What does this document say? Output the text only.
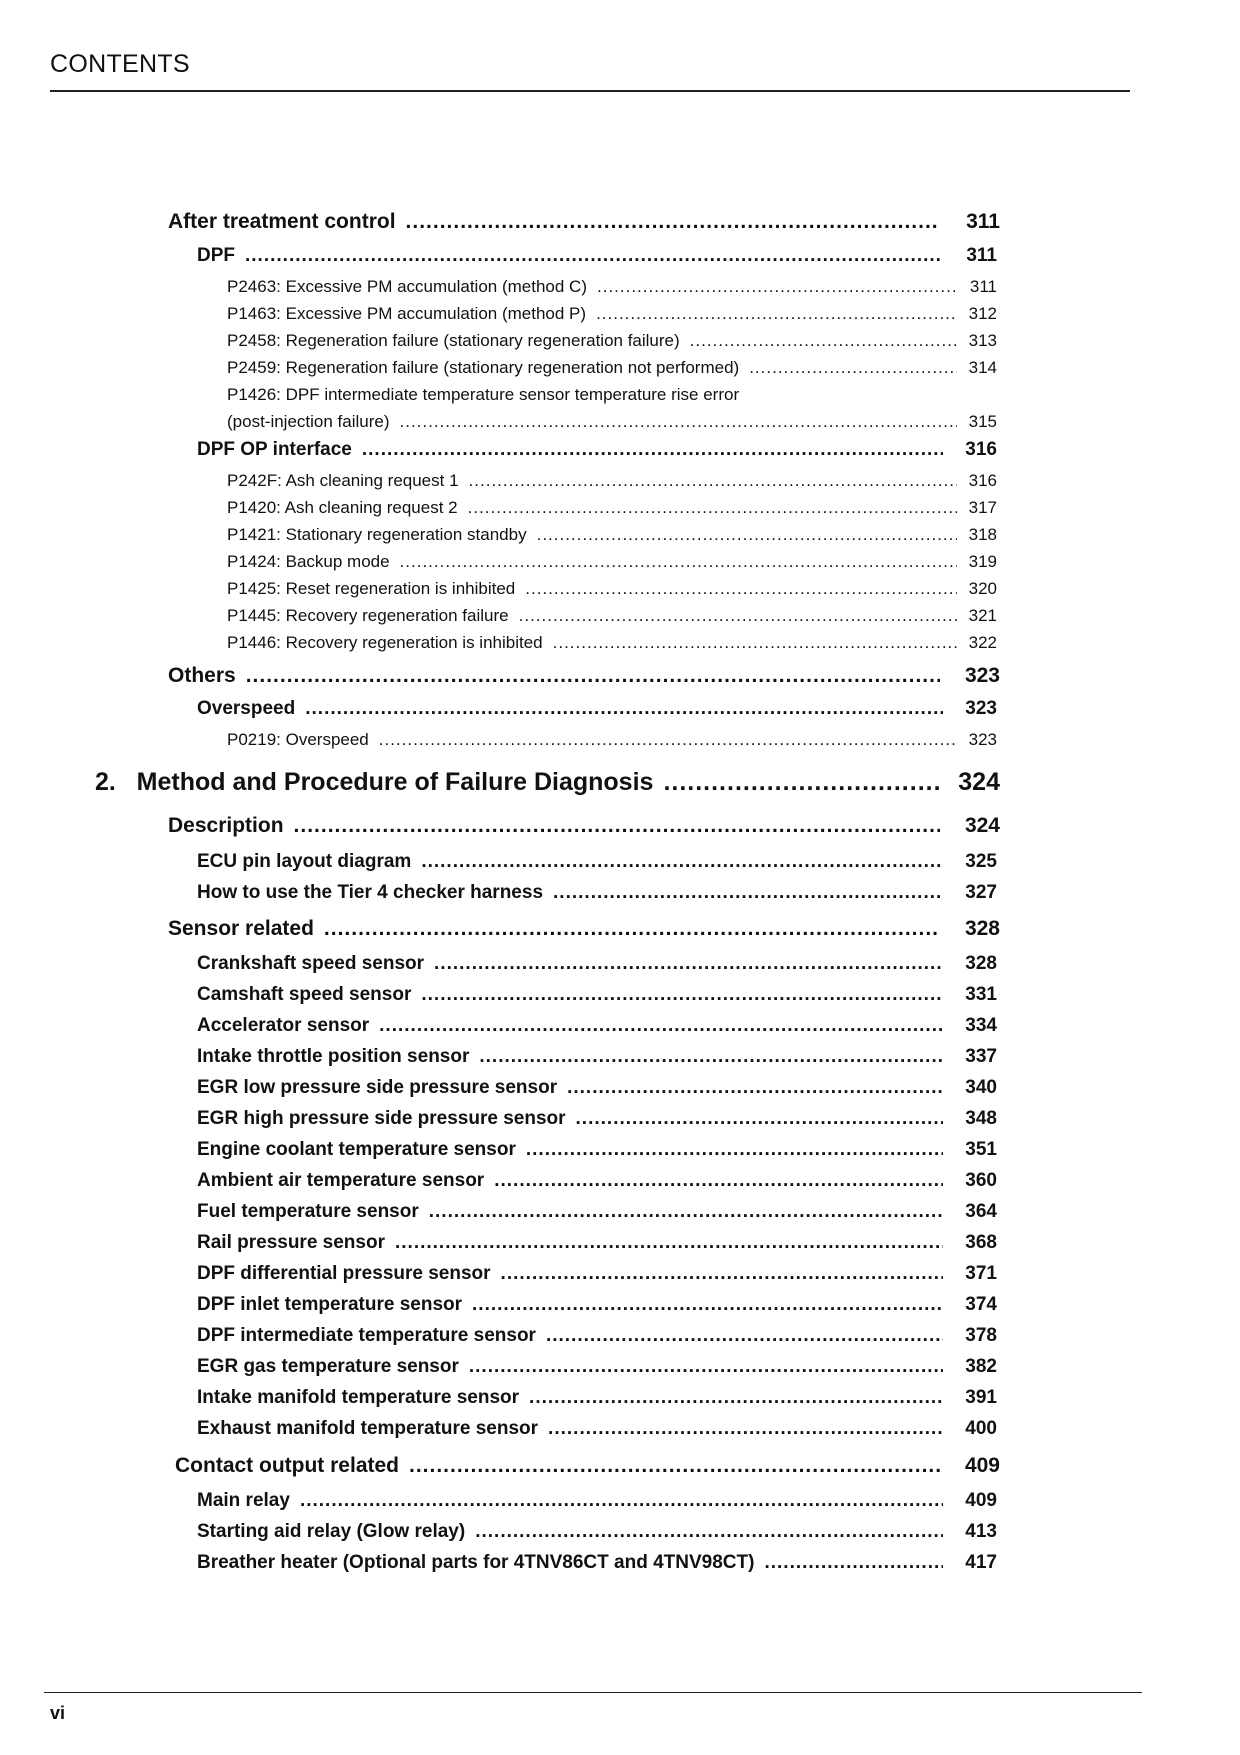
CONTENTS
After treatment control .....	311
DPF .....	311
P2463: Excessive PM accumulation (method C) .....	311
P1463: Excessive PM accumulation (method P) .....	312
P2458: Regeneration failure (stationary regeneration failure) .....	313
P2459: Regeneration failure (stationary regeneration not performed) .....	314
P1426: DPF intermediate temperature sensor temperature rise error
(post-injection failure) .....	315
DPF OP interface .....	316
P242F: Ash cleaning request 1 .....	316
P1420: Ash cleaning request 2 .....	317
P1421: Stationary regeneration standby .....	318
P1424: Backup mode .....	319
P1425: Reset regeneration is inhibited .....	320
P1445: Recovery regeneration failure .....	321
P1446: Recovery regeneration is inhibited .....	322
Others .....	323
Overspeed .....	323
P0219: Overspeed .....	323
2.   Method and Procedure of Failure Diagnosis .....	324
Description .....	324
ECU pin layout diagram .....	325
How to use the Tier 4 checker harness .....	327
Sensor related .....	328
Crankshaft speed sensor .....	328
Camshaft speed sensor .....	331
Accelerator sensor .....	334
Intake throttle position sensor .....	337
EGR low pressure side pressure sensor .....	340
EGR high pressure side pressure sensor .....	348
Engine coolant temperature sensor .....	351
Ambient air temperature sensor .....	360
Fuel temperature sensor .....	364
Rail pressure sensor .....	368
DPF differential pressure sensor .....	371
DPF inlet temperature sensor .....	374
DPF intermediate temperature sensor .....	378
EGR gas temperature sensor .....	382
Intake manifold temperature sensor .....	391
Exhaust manifold temperature sensor .....	400
Contact output related .....	409
Main relay .....	409
Starting aid relay (Glow relay) .....	413
Breather heater (Optional parts for 4TNV86CT and 4TNV98CT) .....	417
vi
